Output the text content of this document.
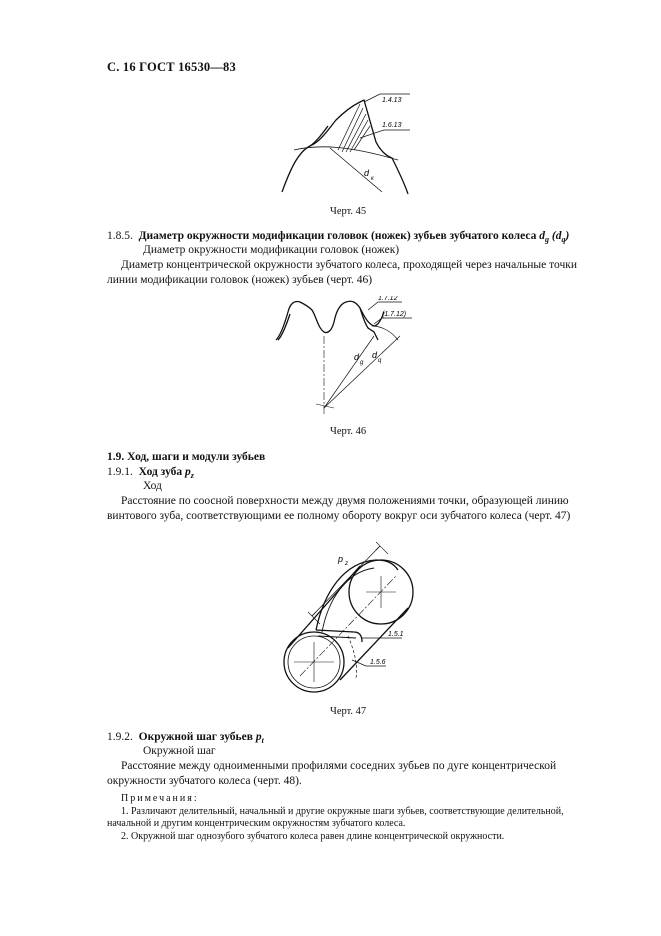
С. 16 ГОСТ 16530—83
1.4.13
1.6.13
d
к
Черт. 45
1.8.5. Диаметр окружности модификации головок (ножек) зубьев зубчатого колеса $d_g$ $(d_q)$
Диаметр окружности модификации головок (ножек)
Диаметр концентрической окружности зубчатого колеса, проходящей через начальные точки
линии модификации головок (ножек) зубьев (черт. 46)
1.7.12
(1.7.12)
d
g
d
q
Черт. 46
1.9. Ход, шаги и модули зубьев
1.9.1. Ход зуба $p_z$
Ход
Расстояние по соосной поверхности между двумя положениями точки, образующей линию
винтового зуба, соответствующими ее полному обороту вокруг оси зубчатого колеса (черт. 47)
p z
1.5.1
1.5.6
Черт. 47
1.9.2. Окружной шаг зубьев $p_t$
Окружной шаг
Расстояние между одноименными профилями соседних зубьев по дуге концентрической
окружности зубчатого колеса (черт. 48).
Примечания:
1. Различают делительный, начальный и другие окружные шаги зубьев, соответствующие делительной,
начальной и другим концентрическим окружностям зубчатого колеса.
2. Окружной шаг однозубого зубчатого колеса равен длине концентрической окружности.
